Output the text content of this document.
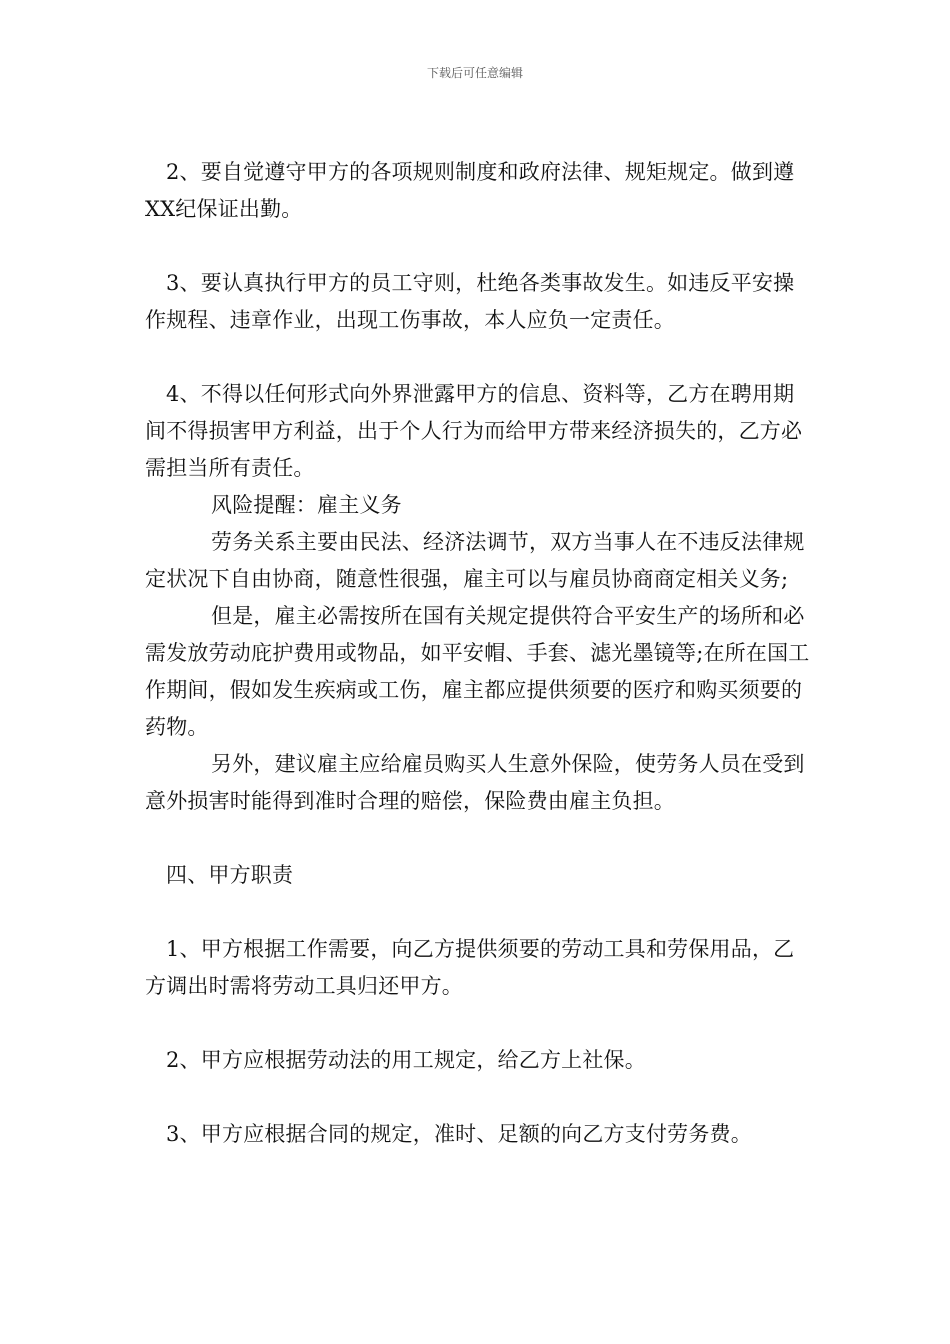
下载后可任意编辑

2、要自觉遵守甲方的各项规则制度和政府法律、规矩规定。做到遵XX纪保证出勤。

3、要认真执行甲方的员工守则，杜绝各类事故发生。如违反平安操作规程、违章作业，出现工伤事故，本人应负一定责任。

4、不得以任何形式向外界泄露甲方的信息、资料等，乙方在聘用期间不得损害甲方利益，出于个人行为而给甲方带来经济损失的，乙方必需担当所有责任。

风险提醒：雇主义务

劳务关系主要由民法、经济法调节，双方当事人在不违反法律规定状况下自由协商，随意性很强，雇主可以与雇员协商商定相关义务;

但是，雇主必需按所在国有关规定提供符合平安生产的场所和必需发放劳动庇护费用或物品，如平安帽、手套、滤光墨镜等;在所在国工作期间，假如发生疾病或工伤，雇主都应提供须要的医疗和购买须要的药物。

另外，建议雇主应给雇员购买人生意外保险，使劳务人员在受到意外损害时能得到准时合理的赔偿，保险费由雇主负担。

四、甲方职责

1、甲方根据工作需要，向乙方提供须要的劳动工具和劳保用品，乙方调出时需将劳动工具归还甲方。

2、甲方应根据劳动法的用工规定，给乙方上社保。

3、甲方应根据合同的规定，准时、足额的向乙方支付劳务费。
